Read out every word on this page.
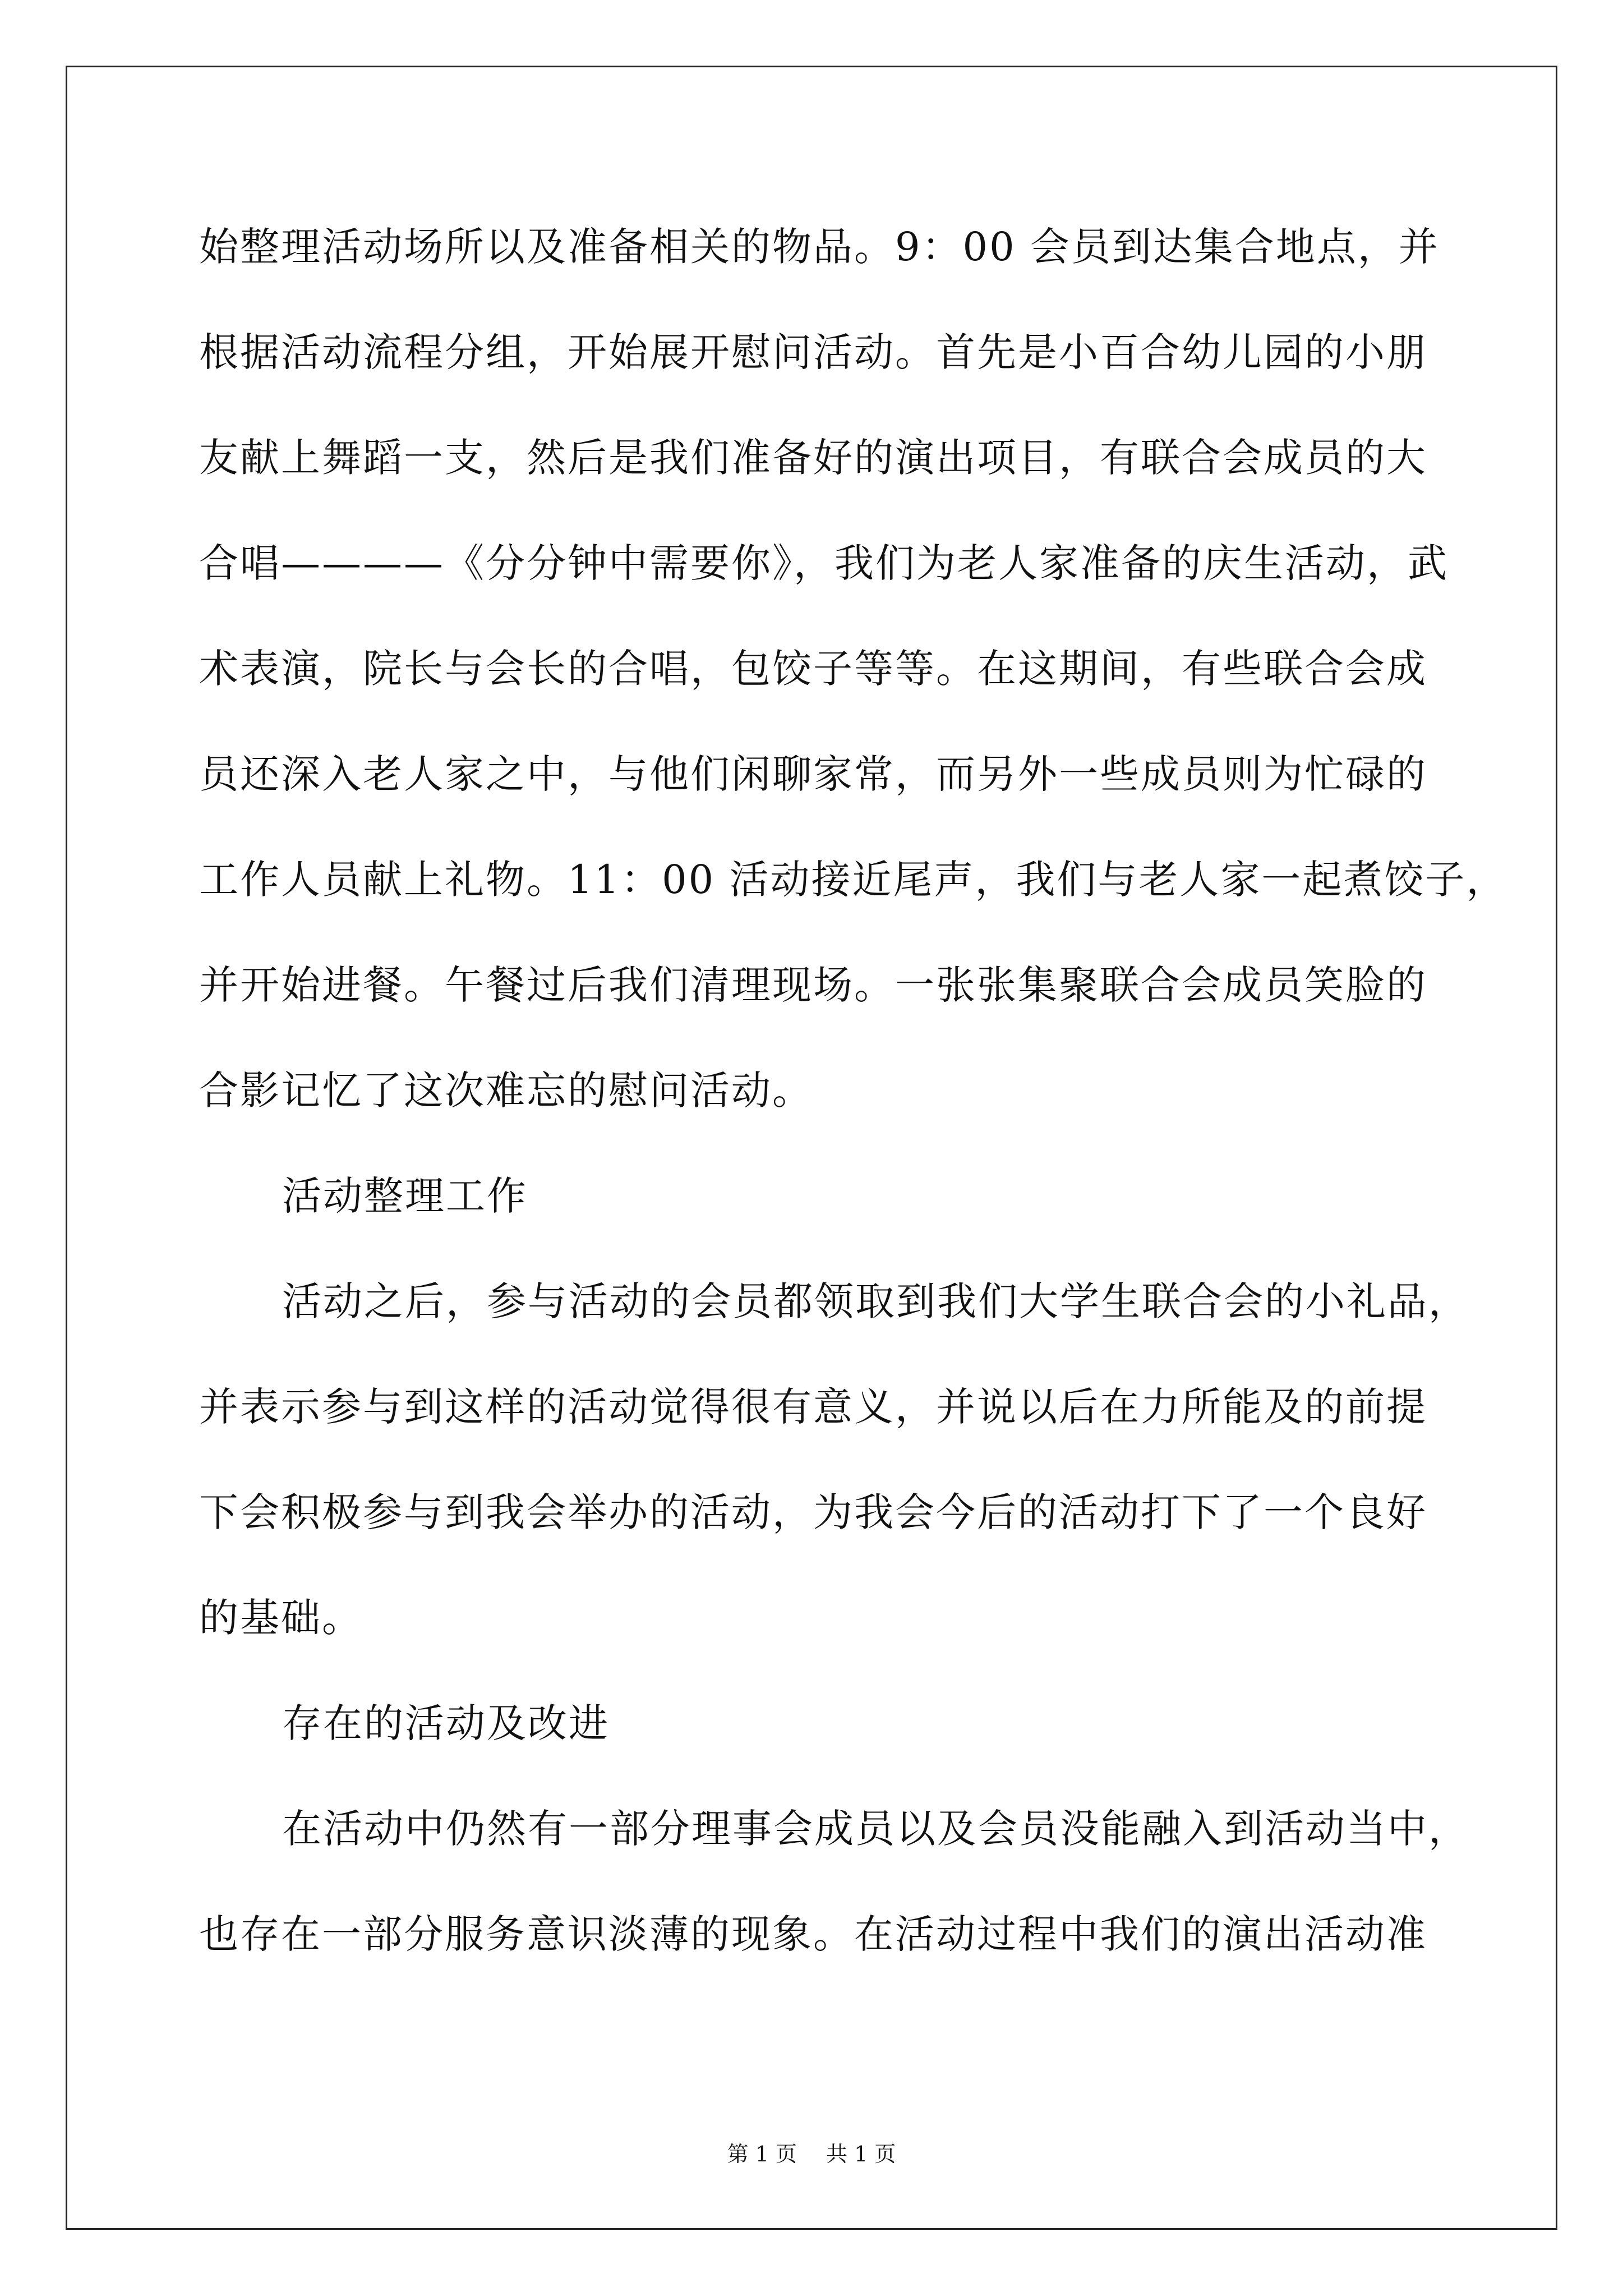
始整理活动场所以及准备相关的物品。9：00 会员到达集合地点，并
根据活动流程分组，开始展开慰问活动。首先是小百合幼儿园的小朋
友献上舞蹈一支，然后是我们准备好的演出项目，有联合会成员的大
合唱————《分分钟中需要你》，我们为老人家准备的庆生活动，武
术表演，院长与会长的合唱，包饺子等等。在这期间，有些联合会成
员还深入老人家之中，与他们闲聊家常，而另外一些成员则为忙碌的
工作人员献上礼物。11：00 活动接近尾声，我们与老人家一起煮饺子，
并开始进餐。午餐过后我们清理现场。一张张集聚联合会成员笑脸的
合影记忆了这次难忘的慰问活动。
活动整理工作
活动之后，参与活动的会员都领取到我们大学生联合会的小礼品，
并表示参与到这样的活动觉得很有意义，并说以后在力所能及的前提
下会积极参与到我会举办的活动，为我会今后的活动打下了一个良好
的基础。
存在的活动及改进
在活动中仍然有一部分理事会成员以及会员没能融入到活动当中，
也存在一部分服务意识淡薄的现象。在活动过程中我们的演出活动准
第 1 页 共 1 页
